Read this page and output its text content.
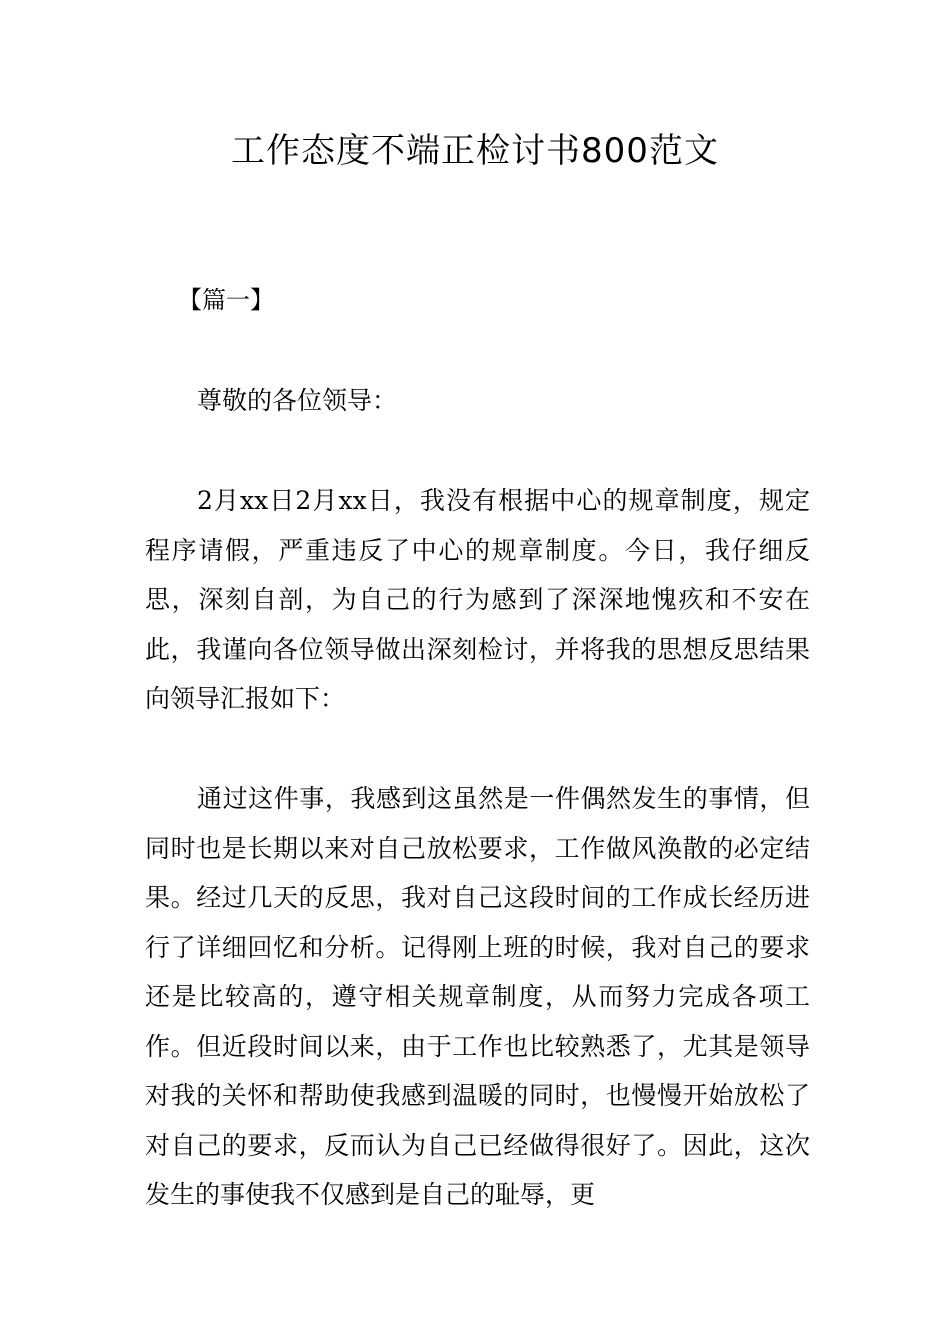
工作态度不端正检讨书800范文

【篇一】

尊敬的各位领导：

2月xx日2月xx日，我没有根据中心的规章制度，规定程序请假，严重违反了中心的规章制度。今日，我仔细反思，深刻自剖，为自己的行为感到了深深地愧疚和不安在此，我谨向各位领导做出深刻检讨，并将我的思想反思结果向领导汇报如下：

通过这件事，我感到这虽然是一件偶然发生的事情，但同时也是长期以来对自己放松要求，工作做风涣散的必定结果。经过几天的反思，我对自己这段时间的工作成长经历进行了详细回忆和分析。记得刚上班的时候，我对自己的要求还是比较高的，遵守相关规章制度，从而努力完成各项工作。但近段时间以来，由于工作也比较熟悉了，尤其是领导对我的关怀和帮助使我感到温暖的同时，也慢慢开始放松了对自己的要求，反而认为自己已经做得很好了。因此，这次发生的事使我不仅感到是自己的耻辱，更
